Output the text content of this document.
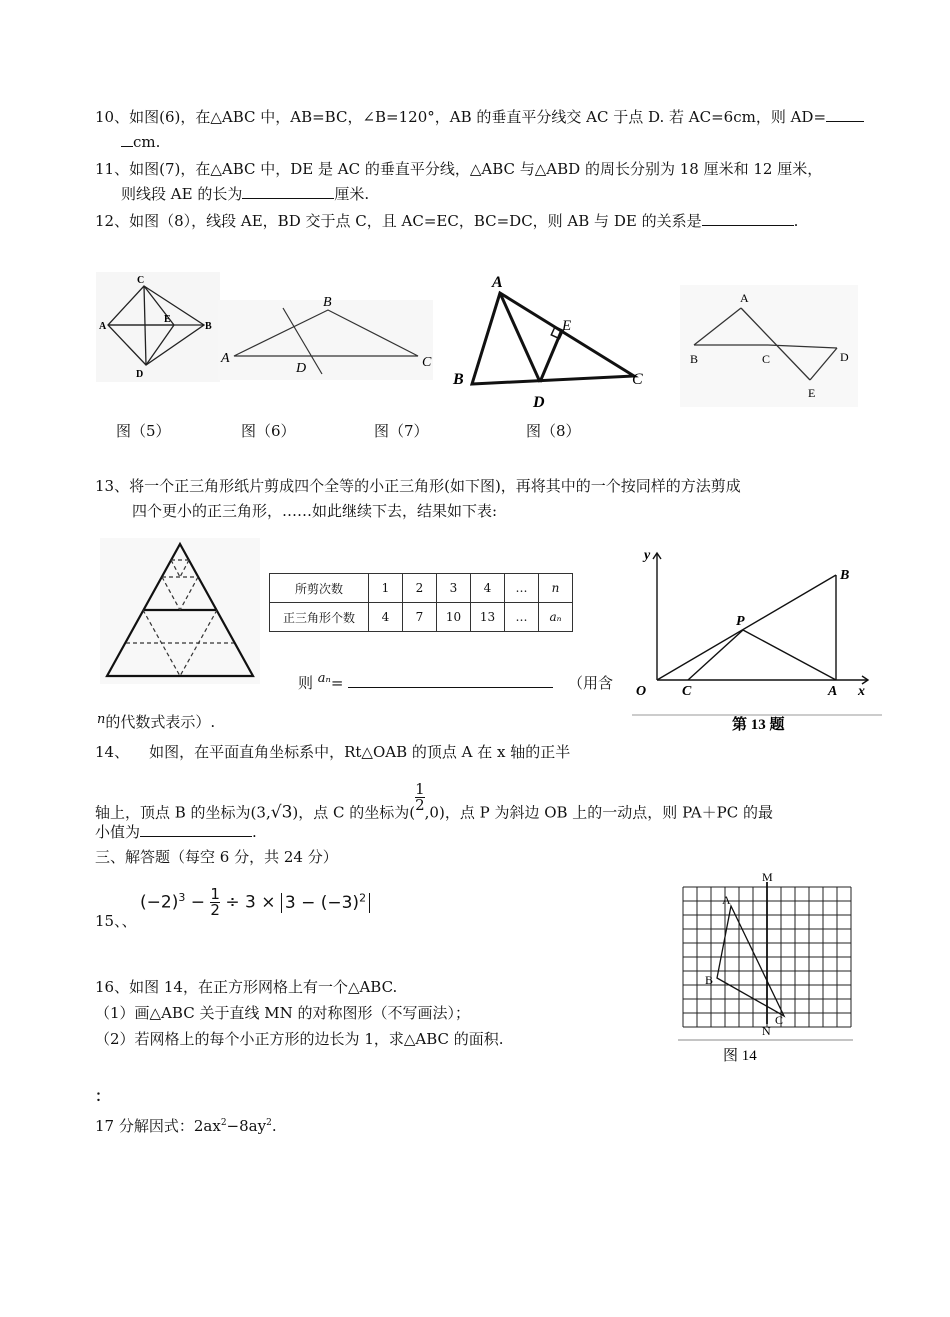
10、如图(6)，在△ABC 中，AB=BC，∠B=120°，AB 的垂直平分线交 AC 于点 D. 若 AC=6cm，则 AD=
cm.
11、如图(7)，在△ABC 中，DE 是 AC 的垂直平分线，△ABC 与△ABD 的周长分别为 18 厘米和 12 厘米，
则线段 AE 的长为	厘米.
12、如图（8），线段 AE，BD 交于点 C，且 AC=EC，BC=DC，则 AB 与 DE 的关系是	.
C
A
E
B
D
B
A
D	C
A
E
B
D
C
A
B	C	D
E
图（5）	图（6）	图（7）	图（8）
13、将一个正三角形纸片剪成四个全等的小正三角形(如下图)，再将其中的一个按同样的方法剪成
四个更小的正三角形，……如此继续下去，结果如下表:
所剪次数	1	2	3	4	…	n
正三角形个数	4	7	10	13	…	aₙ
则 aₙ=	（用含
n的代数式表示）.
y
B
P
O	C	A x
第 13 题
14、 如图，在平面直角坐标系中，Rt△OAB 的顶点 A 在 x 轴的正半
轴上，顶点 B 的坐标为(3,√3)，点 C 的坐标为( $\frac{1}{2} ,0$)，点 P 为斜边 OB 上的一动点，则 PA＋PC 的最
小值为	.
三、解答题（每空 6 分，共 24 分）
15、、
$(-2)^3 - \frac{1}{2} \div 3 \times 3 - (-3)^2$
M
A
B
C
N
图 14
16、如图 14，在正方形网格上有一个△ABC.
（1）画△ABC 关于直线 MN 的对称图形（不写画法）；
（2）若网格上的每个小正方形的边长为 1，求△ABC 的面积.
：
17 分解因式：$2ax^2-8ay^2$.
